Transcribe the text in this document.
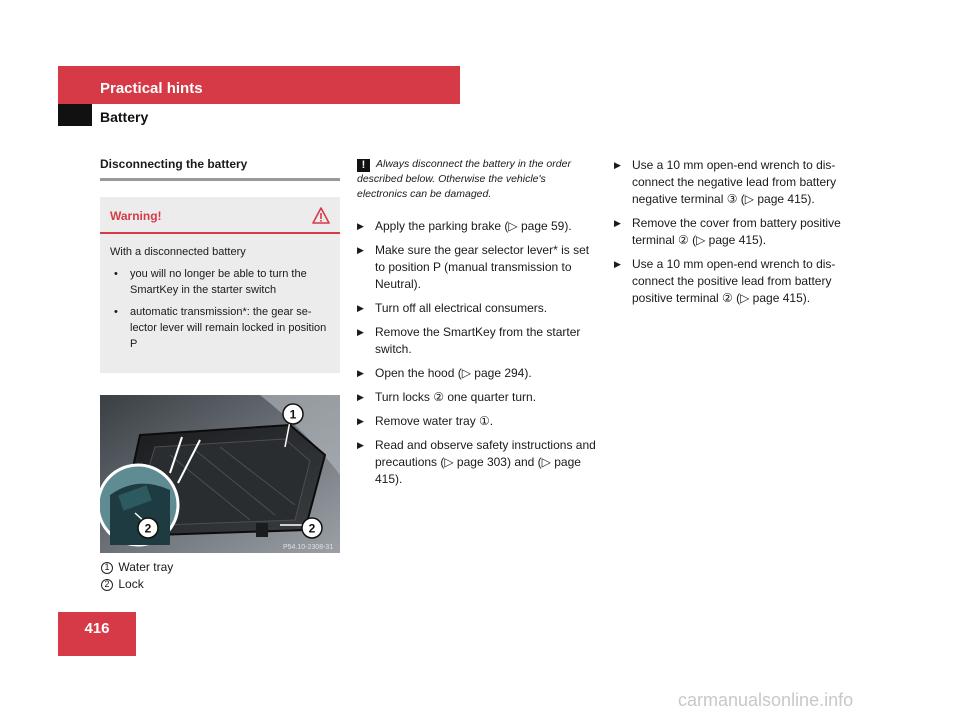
Practical hints
Battery
Disconnecting the battery
Warning!

With a disconnected battery

• you will no longer be able to turn the SmartKey in the starter switch
• automatic transmission*: the gear se-lector lever will remain locked in position P
1
2	2
P54.10-2308-31
1 Water tray
2 Lock
! Always disconnect the battery in the order described below. Otherwise the vehicle's electronics can be damaged.
▶ Apply the parking brake (▷ page 59).
▶ Make sure the gear selector lever* is set to position P (manual transmission to Neutral).
▶ Turn off all electrical consumers.
▶ Remove the SmartKey from the starter switch.
▶ Open the hood (▷ page 294).
▶ Turn locks ② one quarter turn.
▶ Remove water tray ①.
▶ Read and observe safety instructions and precautions (▷ page 303) and (▷ page 415).
▶ Use a 10 mm open-end wrench to dis-connect the negative lead from battery negative terminal ③ (▷ page 415).
▶ Remove the cover from battery positive terminal ② (▷ page 415).
▶ Use a 10 mm open-end wrench to dis-connect the positive lead from battery positive terminal ② (▷ page 415).
416
carmanualsonline.info
